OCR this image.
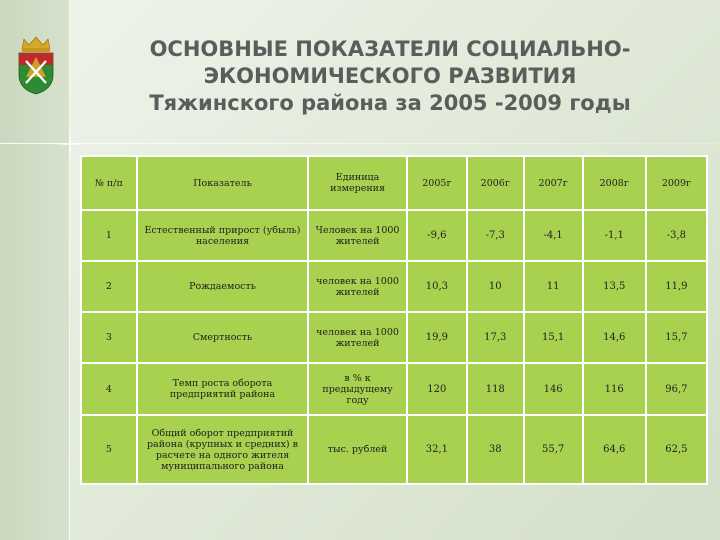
ОСНОВНЫЕ ПОКАЗАТЕЛИ СОЦИАЛЬНО-
ЭКОНОМИЧЕСКОГО РАЗВИТИЯ
Тяжинского района за 2005 -2009 годы
№ п/п	Показатель	Единица измерения	2005г	2006г	2007г	2008г	2009г
1	Естественный прирост (убыль) населения	Человек на 1000 жителей	-9,6	-7,3	-4,1	-1,1	-3,8
2	Рождаемость	человек на 1000 жителей	10,3	10	11	13,5	11,9
3	Смертность	человек на 1000 жителей	19,9	17,3	15,1	14,6	15,7
4	Темп роста оборота предприятий района	в % к предыдущему году	120	118	146	116	96,7
5	Общий оборот предприятий района (крупных и средних) в расчете на одного жителя муниципального района	тыс. рублей	32,1	38	55,7	64,6	62,5
